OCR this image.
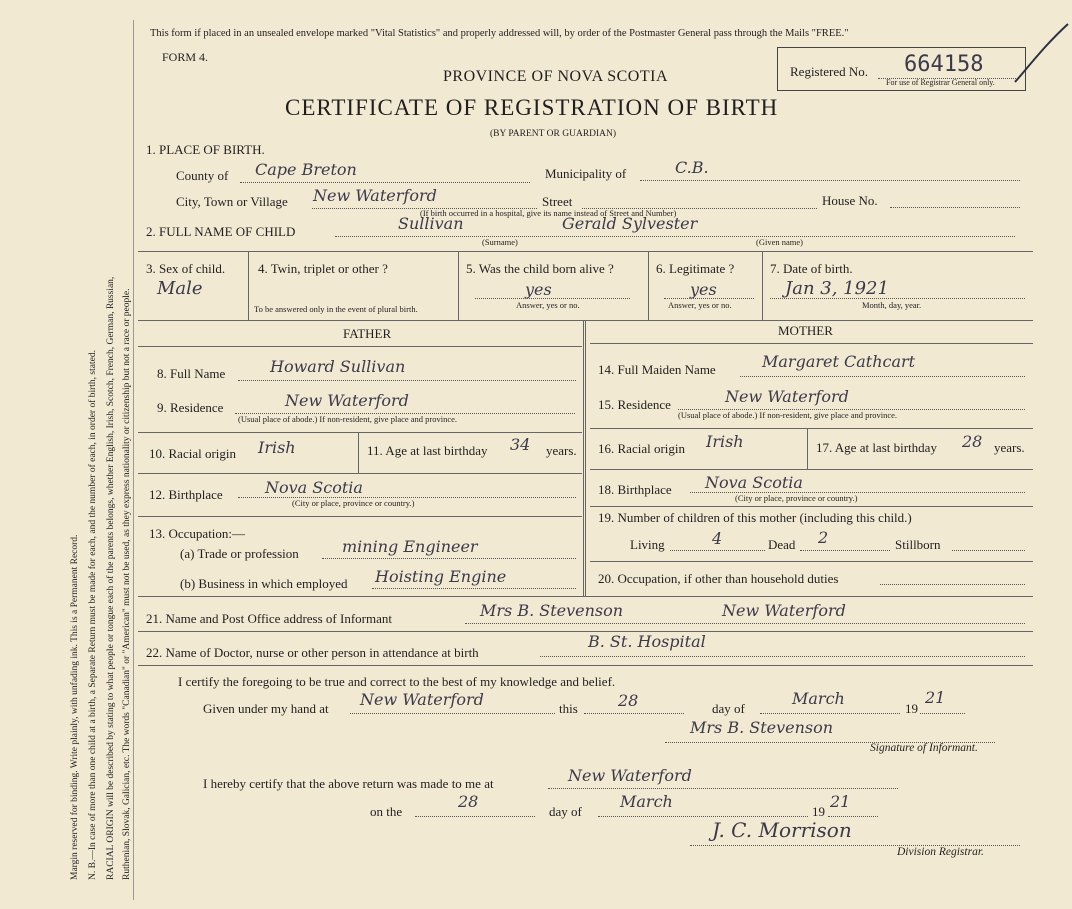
Margin reserved for binding. Write plainly, with unfading ink. This is a Permanent Record. N. B.—In case of more than one child at a birth, a Separate Return must be made for each, and the number of each, in order of birth, stated. RACIAL ORIGIN will be described by stating to what people or tongue each of the parents belongs, whether English, Irish, Scotch, French, German, Russian, Ruthenian, Slovak, Galician, etc. The words "Canadian" or "American" must not be used, as they express nationality or citizenship but not a race or people.
This form if placed in an unsealed envelope marked "Vital Statistics" and properly addressed will, by order of the Postmaster General pass through the Mails "FREE."
FORM 4.
PROVINCE OF NOVA SCOTIA
CERTIFICATE OF REGISTRATION OF BIRTH
(BY PARENT OR GUARDIAN)
Registered No. 664158
For use of Registrar General only.
1. PLACE OF BIRTH.
County of Cape Breton	Municipality of	C.B.
City, Town or Village New Waterford	Street	House No.
(If birth occurred in a hospital, give its name instead of Street and Number)
2. FULL NAME OF CHILD	Sullivan	Gerald Sylvester
(Surname)	(Given name)
3. Sex of child.
Male
4. Twin, triplet or other ?
To be answered only in the event of plural birth.
5. Was the child born alive ?
yes
Answer, yes or no.
6. Legitimate ?
yes
Answer, yes or no.
7. Date of birth.
Jan 3, 1921
Month, day, year.
FATHER	MOTHER
8. Full Name	Howard Sullivan
9. Residence	New Waterford
(Usual place of abode.) If non-resident, give place and province.
10. Racial origin Irish	11. Age at last birthday 34 years.
12. Birthplace	Nova Scotia
(City or place, province or country.)
13. Occupation:—
(a) Trade or profession	mining Engineer
(b) Business in which employed Hoisting Engine
14. Full Maiden Name	Margaret Cathcart
15. Residence	New Waterford
(Usual place of abode.) If non-resident, give place and province.
16. Racial origin Irish	17. Age at last birthday 28 years.
18. Birthplace Nova Scotia
(City or place, province or country.)
19. Number of children of this mother (including this child.)
Living	4	Dead 2	Stillborn
20. Occupation, if other than household duties
21. Name and Post Office address of Informant	Mrs B. Stevenson	New Waterford
22. Name of Doctor, nurse or other person in attendance at birth
B. St. Hospital
I certify the foregoing to be true and correct to the best of my knowledge and belief.
Given under my hand at New Waterford	this	28	day of
March
19
21
Mrs B. Stevenson
Signature of Informant.
I hereby certify that the above return was made to me at	New Waterford
on the
28
day of
March
19
21
J. C. Morrison
Division Registrar.
